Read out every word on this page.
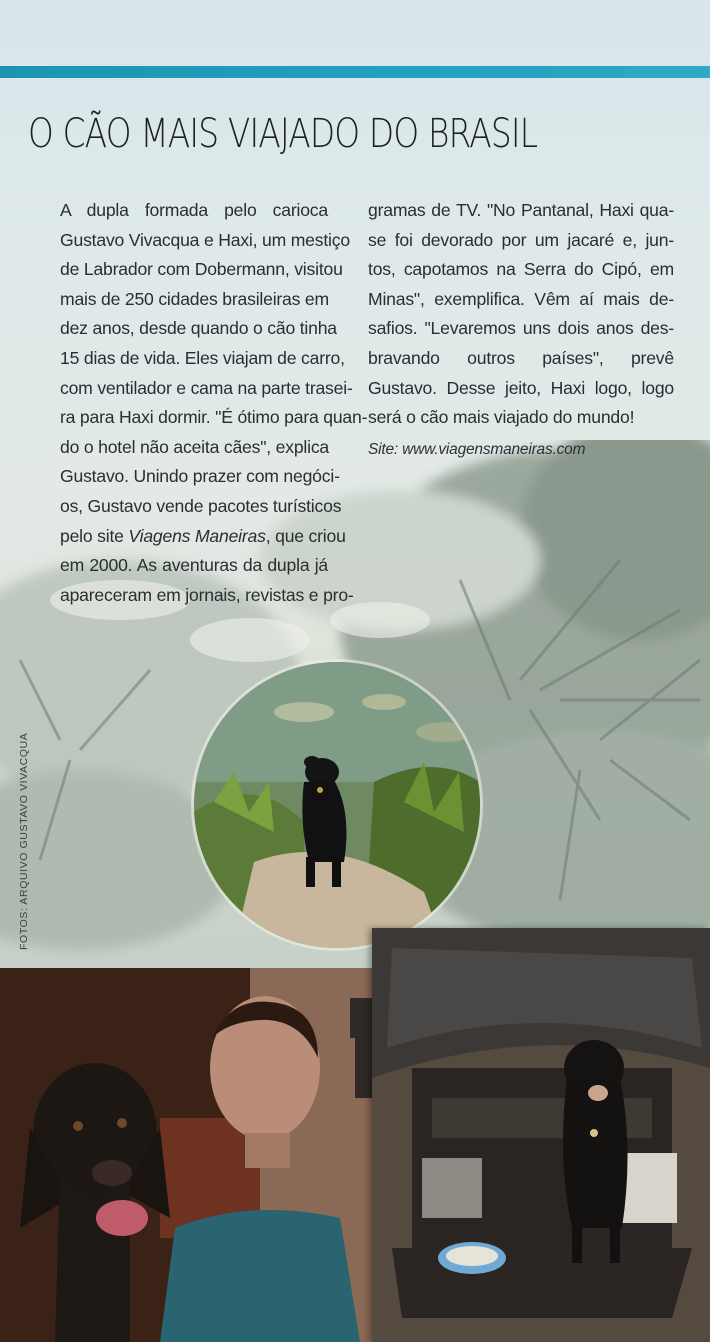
O CÃO MAIS VIAJADO DO BRASIL

A dupla formada pelo carioca
Gustavo Vivacqua e Haxi, um mestiço
de Labrador com Dobermann, visitou
mais de 250 cidades brasileiras em
dez anos, desde quando o cão tinha
15 dias de vida. Eles viajam de carro,
com ventilador e cama na parte trasei-
ra para Haxi dormir. "É ótimo para quan-
do o hotel não aceita cães", explica
Gustavo. Unindo prazer com negóci-
os, Gustavo vende pacotes turísticos
pelo site Viagens Maneiras, que criou
em 2000. As aventuras da dupla já
apareceram em jornais, revistas e pro-

gramas de TV. "No Pantanal, Haxi qua-
se foi devorado por um jacaré e, jun-
tos, capotamos na Serra do Cipó, em
Minas", exemplifica. Vêm aí mais de-
safios. "Levaremos uns dois anos des-
bravando outros países", prevê
Gustavo. Desse jeito, Haxi logo, logo
será o cão mais viajado do mundo!

Site: www.viagensmaneiras.com
FOTOS: ARQUIVO GUSTAVO VIVACQUA
